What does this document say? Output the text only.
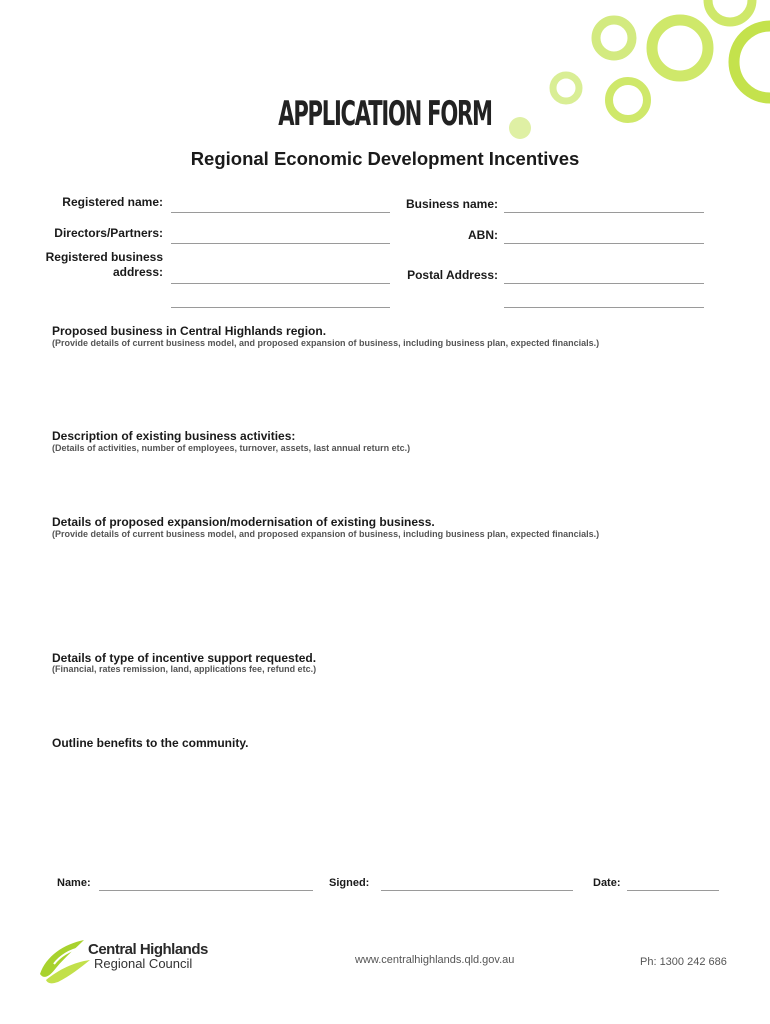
APPLICATION FORM
Regional Economic Development Incentives
Registered name:	Business name:
Directors/Partners:	ABN:
Registered business
address:	Postal Address:
Proposed business in Central Highlands region.
(Provide details of current business model, and proposed expansion of business, including business plan, expected financials.)
Description of existing business activities:
(Details of activities, number of employees, turnover, assets, last annual return etc.)
Details of proposed expansion/modernisation of existing business.
(Provide details of current business model, and proposed expansion of business, including business plan, expected financials.)
Details of type of incentive support requested.
(Financial, rates remission, land, applications fee, refund etc.)
Outline benefits to the community.
Name:	Signed:	Date:
Central Highlands
Regional Council	www.centralhighlands.qld.gov.au	Ph: 1300 242 686
